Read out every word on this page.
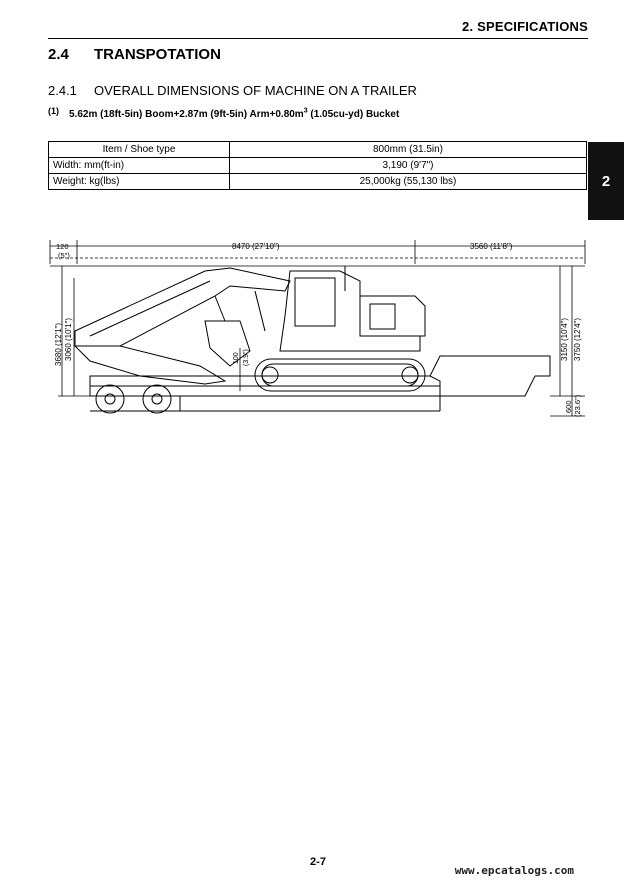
2. SPECIFICATIONS
2.4 TRANSPOTATION
2.4.1 OVERALL DIMENSIONS OF MACHINE ON A TRAILER
(1) 5.62m (18ft-5in) Boom+2.87m (9ft-5in) $Arm+0.80m^3$ (1.05cu-yd) Bucket
Item / Shoe type	800mm (31.5in)
Width: mm(ft-in)	3,190 (9'7")
Weight: kg(lbs)	25,000kg (55,130 lbs)	2
120
(5")
8470 (27'10")	3560 (11'8")
3680 (12'1") 3060 (10'1")	3150 (10'4") 3750 (12'4")
600 (23.6")
100 (3.9")
2-7
www.epcatalogs.com
